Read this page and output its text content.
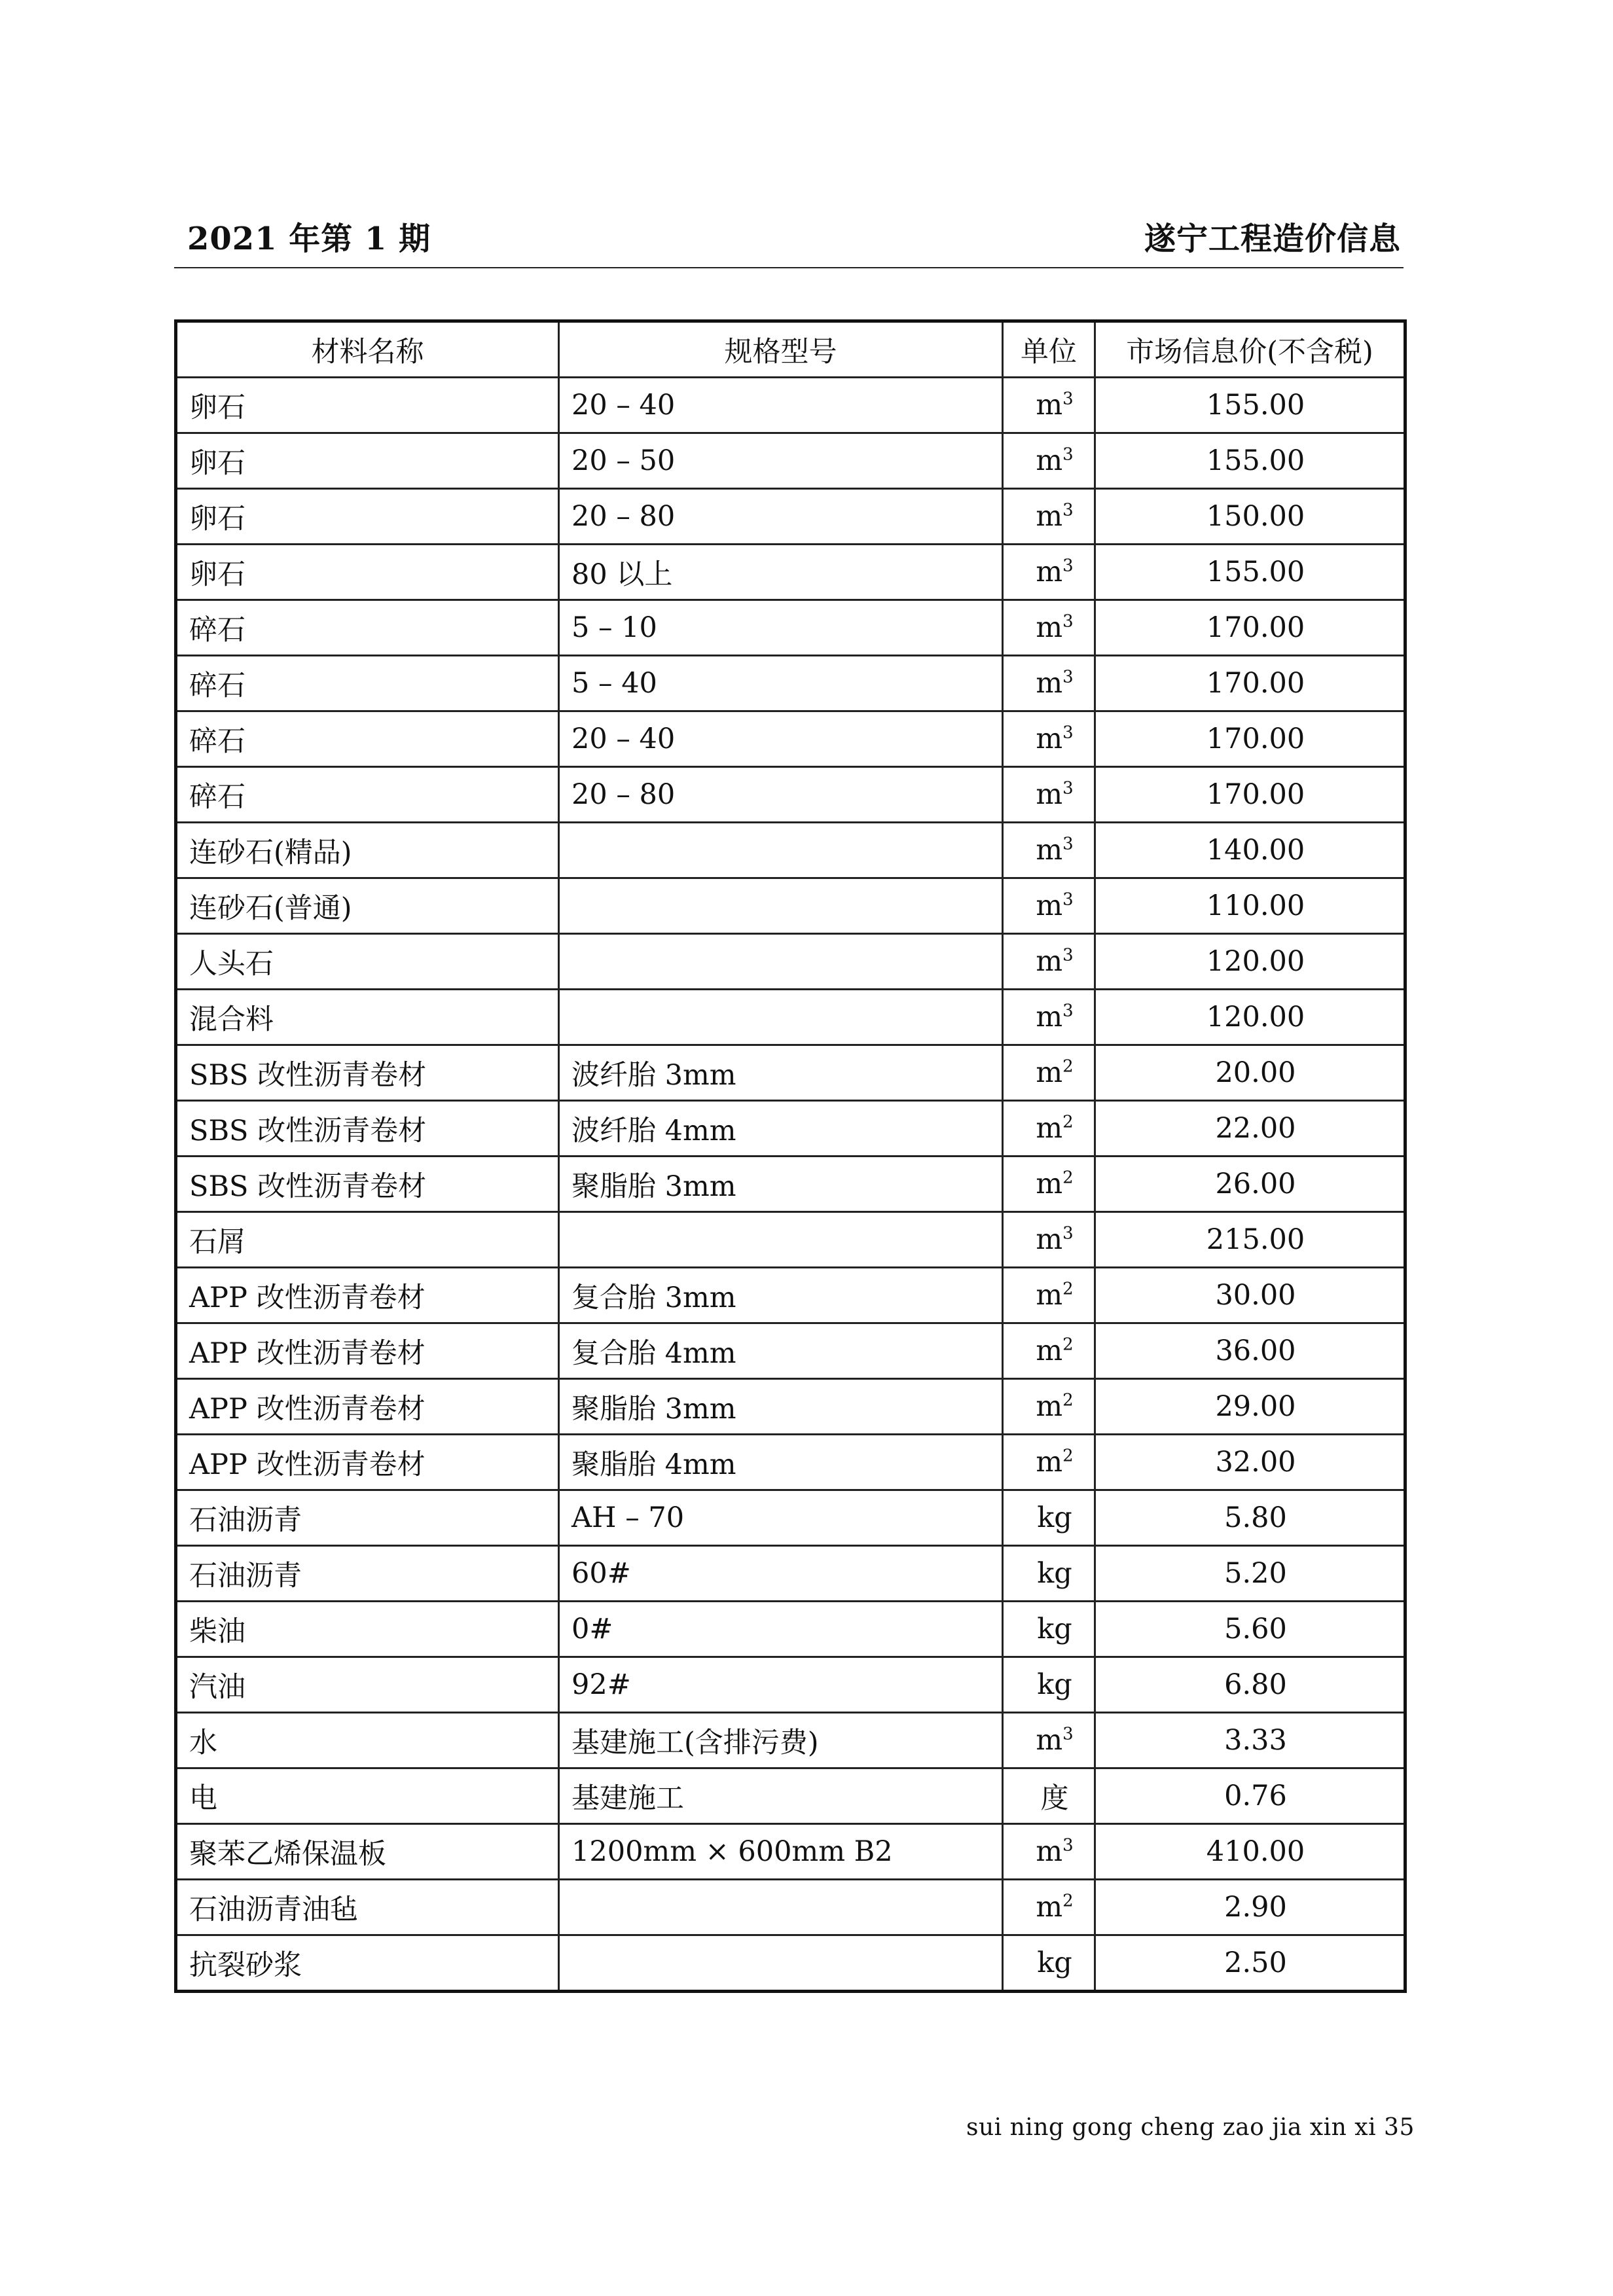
2021 年第 1 期	遂宁工程造价信息
材料名称	规格型号	单位	市场信息价(不含税)
卵石	20 – 40	$m^3$	155.00
卵石	20 – 50	$m^3$	155.00
卵石	20 – 80	$m^3$	150.00
卵石	80 以上	$m^3$	155.00
碎石	5 – 10	$m^3$	170.00
碎石	5 – 40	$m^3$	170.00
碎石	20 – 40	$m^3$	170.00
碎石	20 – 80	$m^3$	170.00
连砂石(精品)		$m^3$	140.00
连砂石(普通)		$m^3$	110.00
人头石		$m^3$	120.00
混合料		$m^3$	120.00
SBS 改性沥青卷材	波纤胎 3mm	$m^2$	20.00
SBS 改性沥青卷材	波纤胎 4mm	$m^2$	22.00
SBS 改性沥青卷材	聚脂胎 3mm	$m^2$	26.00
石屑		$m^3$	215.00
APP 改性沥青卷材	复合胎 3mm	$m^2$	30.00
APP 改性沥青卷材	复合胎 4mm	$m^2$	36.00
APP 改性沥青卷材	聚脂胎 3mm	$m^2$	29.00
APP 改性沥青卷材	聚脂胎 4mm	$m^2$	32.00
石油沥青	AH – 70	kg	5.80
石油沥青	60#	kg	5.20
柴油	0#	kg	5.60
汽油	92#	kg	6.80
水	基建施工(含排污费)	$m^3$	3.33
电	基建施工	度	0.76
聚苯乙烯保温板	1200mm × 600mm B2	$m^3$	410.00
石油沥青油毡		$m^2$	2.90
抗裂砂浆		kg	2.50
sui ning gong cheng zao jia xin xi 35
